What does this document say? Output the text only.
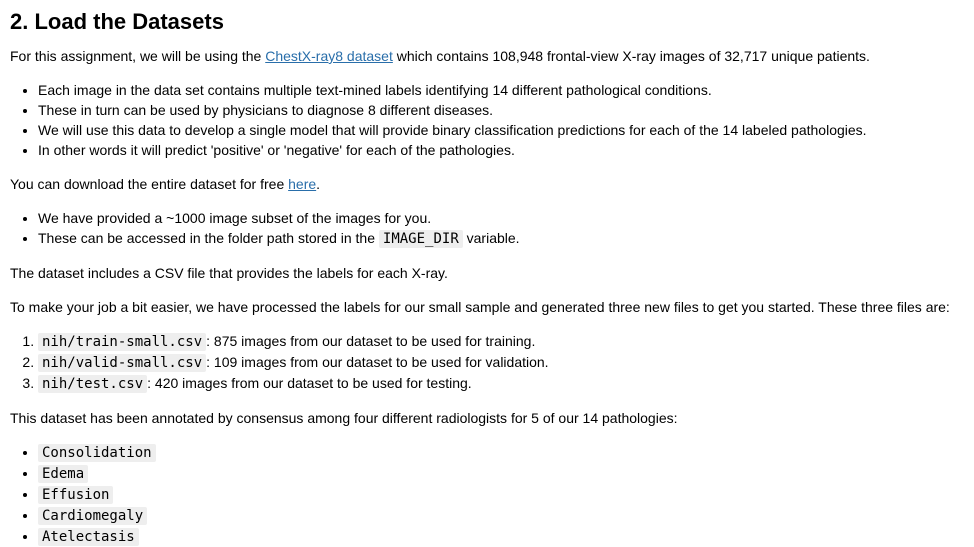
2. Load the Datasets

For this assignment, we will be using the ChestX-ray8 dataset which contains 108,948 frontal-view X-ray images of 32,717 unique patients.

• Each image in the data set contains multiple text-mined labels identifying 14 different pathological conditions.
• These in turn can be used by physicians to diagnose 8 different diseases.
• We will use this data to develop a single model that will provide binary classification predictions for each of the 14 labeled pathologies.
• In other words it will predict 'positive' or 'negative' for each of the pathologies.

You can download the entire dataset for free here.

• We have provided a ~1000 image subset of the images for you.
• These can be accessed in the folder path stored in the IMAGE_DIR variable.

The dataset includes a CSV file that provides the labels for each X-ray.

To make your job a bit easier, we have processed the labels for our small sample and generated three new files to get you started. These three files are:

1. nih/train-small.csv : 875 images from our dataset to be used for training.
2. nih/valid-small.csv : 109 images from our dataset to be used for validation.
3. nih/test.csv : 420 images from our dataset to be used for testing.

This dataset has been annotated by consensus among four different radiologists for 5 of our 14 pathologies:

• Consolidation
• Edema
• Effusion
• Cardiomegaly
• Atelectasis
